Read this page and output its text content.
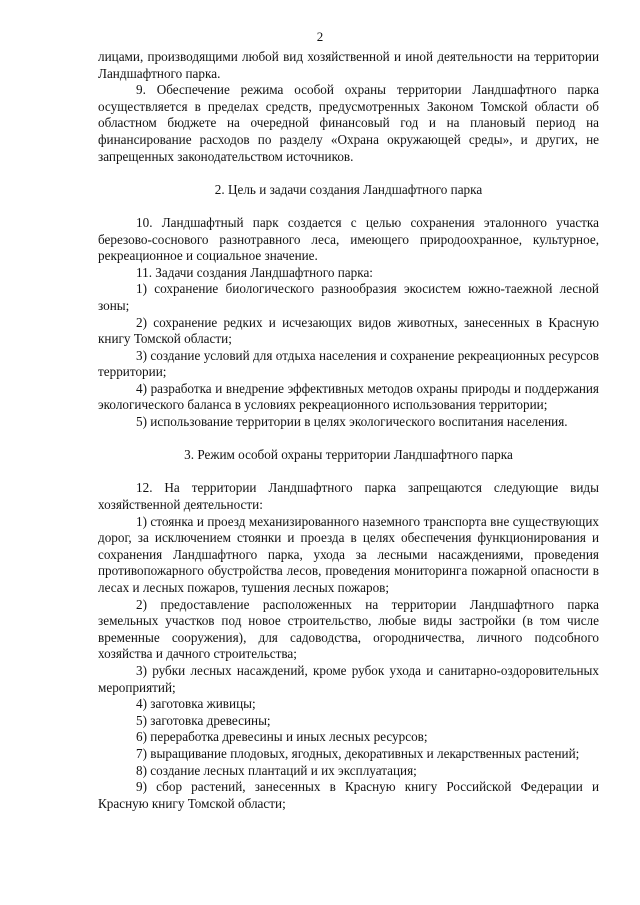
2

лицами, производящими любой вид хозяйственной и иной деятельности на территории Ландшафтного парка.

9. Обеспечение режима особой охраны территории Ландшафтного парка осуществляется в пределах средств, предусмотренных Законом Томской области об областном бюджете на очередной финансовый год и на плановый период на финансирование расходов по разделу «Охрана окружающей среды», и других, не запрещенных законодательством источников.

2. Цель и задачи создания Ландшафтного парка

10. Ландшафтный парк создается с целью сохранения эталонного участка березово-соснового разнотравного леса, имеющего природоохранное, культурное, рекреационное и социальное значение.

11. Задачи создания Ландшафтного парка:

1) сохранение биологического разнообразия экосистем южно-таежной лесной зоны;

2) сохранение редких и исчезающих видов животных, занесенных в Красную книгу Томской области;

3) создание условий для отдыха населения и сохранение рекреационных ресурсов территории;

4) разработка и внедрение эффективных методов охраны природы и поддержания экологического баланса в условиях рекреационного использования территории;

5) использование территории в целях экологического воспитания населения.

3. Режим особой охраны территории Ландшафтного парка

12. На территории Ландшафтного парка запрещаются следующие виды хозяйственной деятельности:

1) стоянка и проезд механизированного наземного транспорта вне существующих дорог, за исключением стоянки и проезда в целях обеспечения функционирования и сохранения Ландшафтного парка, ухода за лесными насаждениями, проведения противопожарного обустройства лесов, проведения мониторинга пожарной опасности в лесах и лесных пожаров, тушения лесных пожаров;

2) предоставление расположенных на территории Ландшафтного парка земельных участков под новое строительство, любые виды застройки (в том числе временные сооружения), для садоводства, огородничества, личного подсобного хозяйства и дачного строительства;

3) рубки лесных насаждений, кроме рубок ухода и санитарно-оздоровительных мероприятий;

4) заготовка живицы;

5) заготовка древесины;

6) переработка древесины и иных лесных ресурсов;

7) выращивание плодовых, ягодных, декоративных и лекарственных растений;

8) создание лесных плантаций и их эксплуатация;

9) сбор растений, занесенных в Красную книгу Российской Федерации и Красную книгу Томской области;
